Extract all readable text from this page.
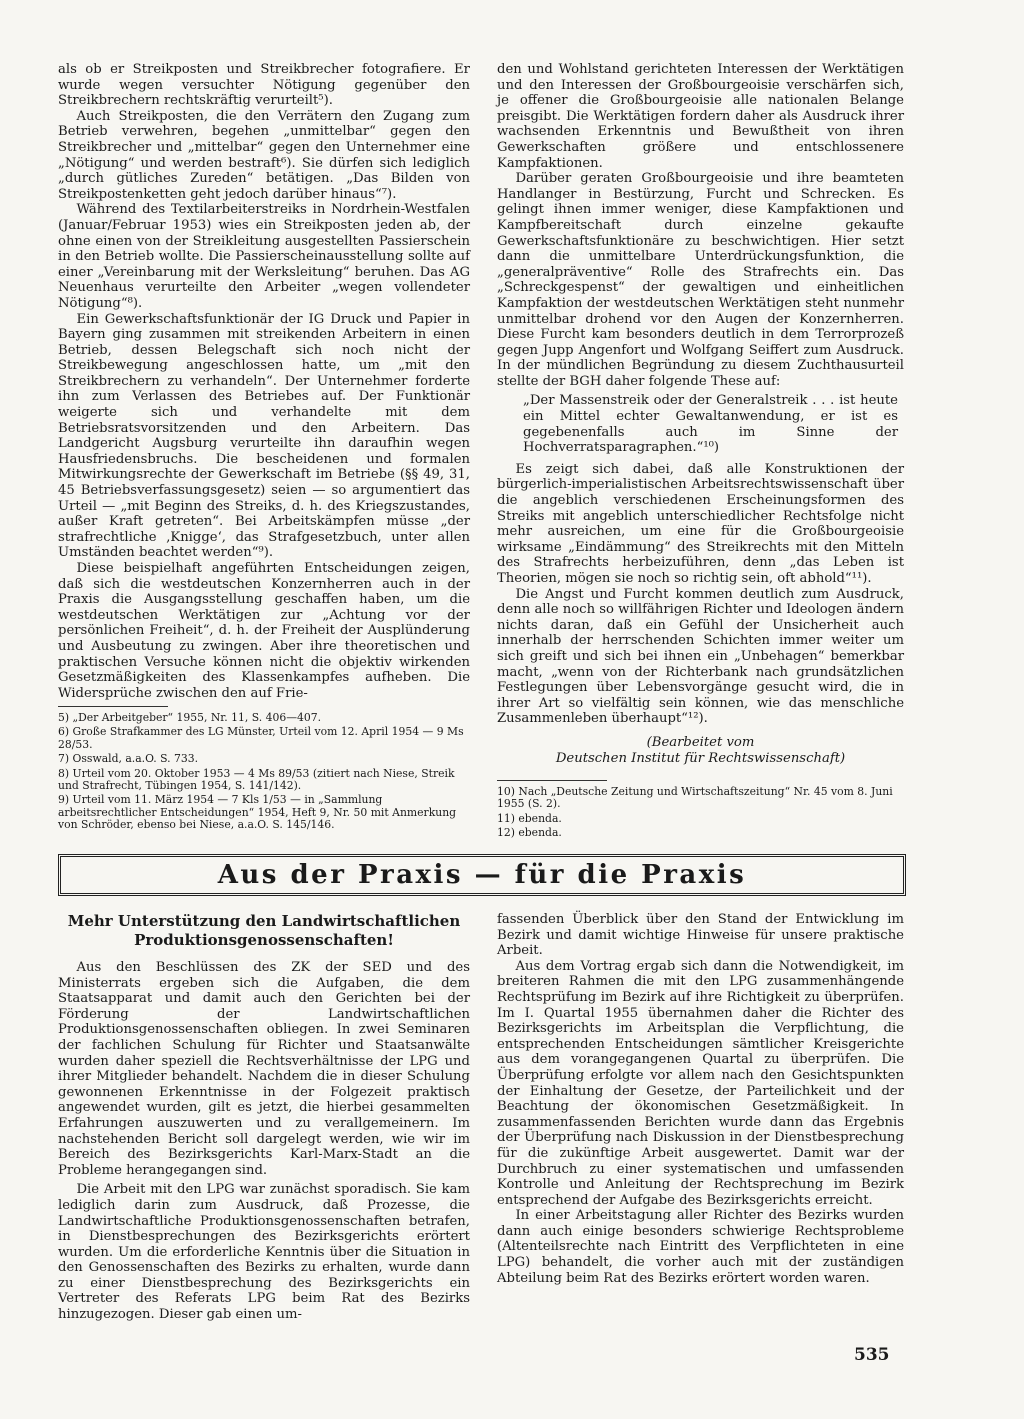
als ob er Streikposten und Streikbrecher fotografiere. Er wurde wegen versuchter Nötigung gegenüber den Streikbrechern rechtskräftig verurteilt⁵).

Auch Streikposten, die den Verrätern den Zugang zum Betrieb verwehren, begehen „unmittelbar“ gegen den Streikbrecher und „mittelbar“ gegen den Unternehmer eine „Nötigung“ und werden bestraft⁶). Sie dürfen sich lediglich „durch gütliches Zureden“ betätigen. „Das Bilden von Streikpostenketten geht jedoch darüber hinaus“⁷).

Während des Textilarbeiterstreiks in Nordrhein-Westfalen (Januar/Februar 1953) wies ein Streikposten jeden ab, der ohne einen von der Streikleitung ausgestellten Passierschein in den Betrieb wollte. Die Passierscheinausstellung sollte auf einer „Vereinbarung mit der Werksleitung“ beruhen. Das AG Neuenhaus verurteilte den Arbeiter „wegen vollendeter Nötigung“⁸).

Ein Gewerkschaftsfunktionär der IG Druck und Papier in Bayern ging zusammen mit streikenden Arbeitern in einen Betrieb, dessen Belegschaft sich noch nicht der Streikbewegung angeschlossen hatte, um „mit den Streikbrechern zu verhandeln“. Der Unternehmer forderte ihn zum Verlassen des Betriebes auf. Der Funktionär weigerte sich und verhandelte mit dem Betriebsratsvorsitzenden und den Arbeitern. Das Landgericht Augsburg verurteilte ihn daraufhin wegen Hausfriedensbruchs. Die bescheidenen und formalen Mitwirkungsrechte der Gewerkschaft im Betriebe (§§ 49, 31, 45 Betriebsverfassungsgesetz) seien — so argumentiert das Urteil — „mit Beginn des Streiks, d. h. des Kriegszustandes, außer Kraft getreten“. Bei Arbeitskämpfen müsse „der strafrechtliche ‚Knigge‘, das Strafgesetzbuch, unter allen Umständen beachtet werden“⁹).

Diese beispielhaft angeführten Entscheidungen zeigen, daß sich die westdeutschen Konzernherren auch in der Praxis die Ausgangsstellung geschaffen haben, um die westdeutschen Werktätigen zur „Achtung vor der persönlichen Freiheit“, d. h. der Freiheit der Ausplünderung und Ausbeutung zu zwingen. Aber ihre theoretischen und praktischen Versuche können nicht die objektiv wirkenden Gesetzmäßigkeiten des Klassenkampfes aufheben. Die Widersprüche zwischen den auf Frie-

5) „Der Arbeitgeber“ 1955, Nr. 11, S. 406—407.
6) Große Strafkammer des LG Münster, Urteil vom 12. April 1954 — 9 Ms 28/53.
7) Osswald, a.a.O. S. 733.
8) Urteil vom 20. Oktober 1953 — 4 Ms 89/53 (zitiert nach Niese, Streik und Strafrecht, Tübingen 1954, S. 141/142).
9) Urteil vom 11. März 1954 — 7 Kls 1/53 — in „Sammlung arbeitsrechtlicher Entscheidungen“ 1954, Heft 9, Nr. 50 mit Anmerkung von Schröder, ebenso bei Niese, a.a.O. S. 145/146.

den und Wohlstand gerichteten Interessen der Werktätigen und den Interessen der Großbourgeoisie verschärfen sich, je offener die Großbourgeoisie alle nationalen Belange preisgibt. Die Werktätigen fordern daher als Ausdruck ihrer wachsenden Erkenntnis und Bewußtheit von ihren Gewerkschaften größere und entschlossenere Kampfaktionen.

Darüber geraten Großbourgeoisie und ihre beamteten Handlanger in Bestürzung, Furcht und Schrecken. Es gelingt ihnen immer weniger, diese Kampfaktionen und Kampfbereitschaft durch einzelne gekaufte Gewerkschaftsfunktionäre zu beschwichtigen. Hier setzt dann die unmittelbare Unterdrückungsfunktion, die „generalpräventive“ Rolle des Strafrechts ein. Das „Schreckgespenst“ der gewaltigen und einheitlichen Kampfaktion der westdeutschen Werktätigen steht nunmehr unmittelbar drohend vor den Augen der Konzernherren. Diese Furcht kam besonders deutlich in dem Terrorprozeß gegen Jupp Angenfort und Wolfgang Seiffert zum Ausdruck. In der mündlichen Begründung zu diesem Zuchthausurteil stellte der BGH daher folgende These auf:

„Der Massenstreik oder der Generalstreik . . . ist heute ein Mittel echter Gewaltanwendung, er ist es gegebenenfalls auch im Sinne der Hochverratsparagraphen.“¹⁰)

Es zeigt sich dabei, daß alle Konstruktionen der bürgerlich-imperialistischen Arbeitsrechtswissenschaft über die angeblich verschiedenen Erscheinungsformen des Streiks mit angeblich unterschiedlicher Rechtsfolge nicht mehr ausreichen, um eine für die Großbourgeoisie wirksame „Eindämmung“ des Streikrechts mit den Mitteln des Strafrechts herbeizuführen, denn „das Leben ist Theorien, mögen sie noch so richtig sein, oft abhold“¹¹).

Die Angst und Furcht kommen deutlich zum Ausdruck, denn alle noch so willfährigen Richter und Ideologen ändern nichts daran, daß ein Gefühl der Unsicherheit auch innerhalb der herrschenden Schichten immer weiter um sich greift und sich bei ihnen ein „Unbehagen“ bemerkbar macht, „wenn von der Richterbank nach grundsätzlichen Festlegungen über Lebensvorgänge gesucht wird, die in ihrer Art so vielfältig sein können, wie das menschliche Zusammenleben überhaupt“¹²).

(Bearbeitet vom
Deutschen Institut für Rechtswissenschaft)
10) Nach „Deutsche Zeitung und Wirtschaftszeitung“ Nr. 45 vom 8. Juni 1955 (S. 2).
11) ebenda.
12) ebenda.
Aus der Praxis — für die Praxis
Mehr Unterstützung den Landwirtschaftlichen Produktionsgenossenschaften!

Aus den Beschlüssen des ZK der SED und des Ministerrats ergeben sich die Aufgaben, die dem Staatsapparat und damit auch den Gerichten bei der Förderung der Landwirtschaftlichen Produktionsgenossenschaften obliegen. In zwei Seminaren der fachlichen Schulung für Richter und Staatsanwälte wurden daher speziell die Rechtsverhältnisse der LPG und ihrer Mitglieder behandelt. Nachdem die in dieser Schulung gewonnenen Erkenntnisse in der Folgezeit praktisch angewendet wurden, gilt es jetzt, die hierbei gesammelten Erfahrungen auszuwerten und zu verallgemeinern. Im nachstehenden Bericht soll dargelegt werden, wie wir im Bereich des Bezirksgerichts Karl-Marx-Stadt an die Probleme herangegangen sind.

Die Arbeit mit den LPG war zunächst sporadisch. Sie kam lediglich darin zum Ausdruck, daß Prozesse, die Landwirtschaftliche Produktionsgenossenschaften betrafen, in Dienstbesprechungen des Bezirksgerichts erörtert wurden. Um die erforderliche Kenntnis über die Situation in den Genossenschaften des Bezirks zu erhalten, wurde dann zu einer Dienstbesprechung des Bezirksgerichts ein Vertreter des Referats LPG beim Rat des Bezirks hinzugezogen. Dieser gab einen um-

fassenden Überblick über den Stand der Entwicklung im Bezirk und damit wichtige Hinweise für unsere praktische Arbeit.

Aus dem Vortrag ergab sich dann die Notwendigkeit, im breiteren Rahmen die mit den LPG zusammenhängende Rechtsprüfung im Bezirk auf ihre Richtigkeit zu überprüfen. Im I. Quartal 1955 übernahmen daher die Richter des Bezirksgerichts im Arbeitsplan die Verpflichtung, die entsprechenden Entscheidungen sämtlicher Kreisgerichte aus dem vorangegangenen Quartal zu überprüfen. Die Überprüfung erfolgte vor allem nach den Gesichtspunkten der Einhaltung der Gesetze, der Parteilichkeit und der Beachtung der ökonomischen Gesetzmäßigkeit. In zusammenfassenden Berichten wurde dann das Ergebnis der Überprüfung nach Diskussion in der Dienstbesprechung für die zukünftige Arbeit ausgewertet. Damit war der Durchbruch zu einer systematischen und umfassenden Kontrolle und Anleitung der Rechtsprechung im Bezirk entsprechend der Aufgabe des Bezirksgerichts erreicht.

In einer Arbeitstagung aller Richter des Bezirks wurden dann auch einige besonders schwierige Rechtsprobleme (Altenteilsrechte nach Eintritt des Verpflichteten in eine LPG) behandelt, die vorher auch mit der zuständigen Abteilung beim Rat des Bezirks erörtert worden waren.

535
